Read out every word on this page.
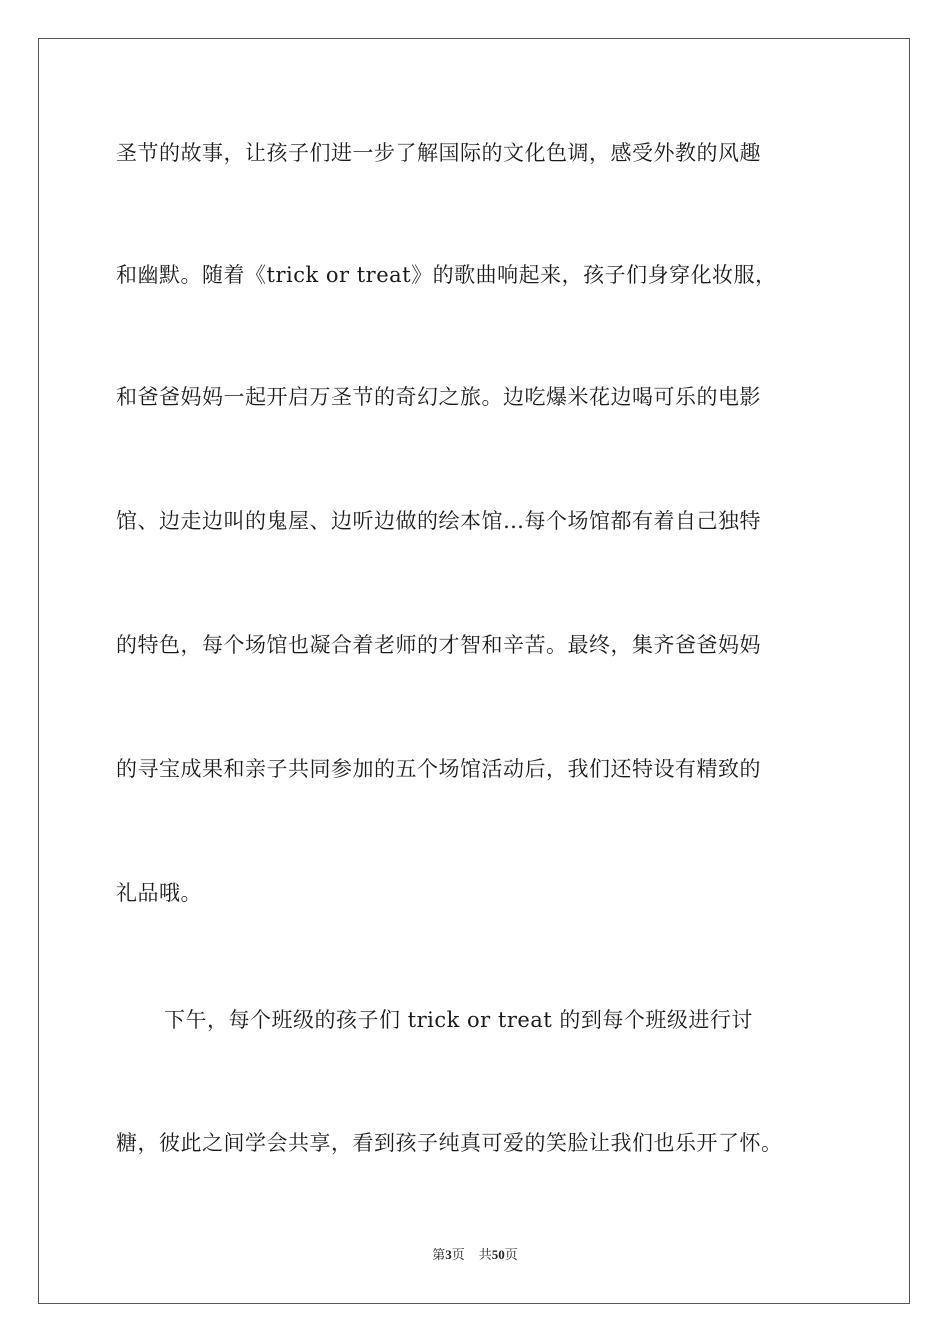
圣节的故事，让孩子们进一步了解国际的文化色调，感受外教的风趣
和幽默。随着《trick or treat》的歌曲响起来，孩子们身穿化妆服，
和爸爸妈妈一起开启万圣节的奇幻之旅。边吃爆米花边喝可乐的电影
馆、边走边叫的鬼屋、边听边做的绘本馆…每个场馆都有着自己独特
的特色，每个场馆也凝合着老师的才智和辛苦。最终，集齐爸爸妈妈
的寻宝成果和亲子共同参加的五个场馆活动后，我们还特设有精致的
礼品哦。
下午，每个班级的孩子们 trick or treat 的到每个班级进行讨
糖，彼此之间学会共享，看到孩子纯真可爱的笑脸让我们也乐开了怀。
第3页 共50页
